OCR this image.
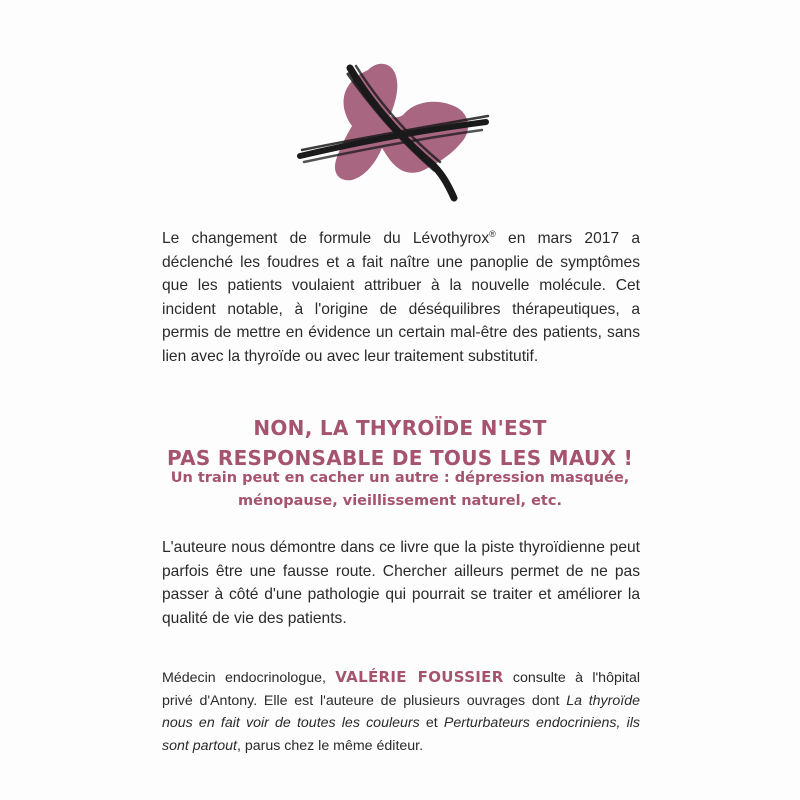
Le changement de formule du Lévothyrox® en mars 2017 a déclenché les foudres et a fait naître une panoplie de symptômes que les patients voulaient attribuer à la nouvelle molécule. Cet incident notable, à l'origine de déséquilibres thérapeutiques, a permis de mettre en évidence un certain mal-être des patients, sans lien avec la thyroïde ou avec leur traitement substitutif.

NON, LA THYROÏDE N'EST
PAS RESPONSABLE DE TOUS LES MAUX !

Un train peut en cacher un autre : dépression masquée,
ménopause, vieillissement naturel, etc.

L'auteure nous démontre dans ce livre que la piste thyroïdienne peut parfois être une fausse route. Chercher ailleurs permet de ne pas passer à côté d'une pathologie qui pourrait se traiter et améliorer la qualité de vie des patients.

Médecin endocrinologue, VALÉRIE FOUSSIER consulte à l'hôpital privé d'Antony. Elle est l'auteure de plusieurs ouvrages dont La thyroïde nous en fait voir de toutes les couleurs et Perturbateurs endocriniens, ils sont partout, parus chez le même éditeur.
